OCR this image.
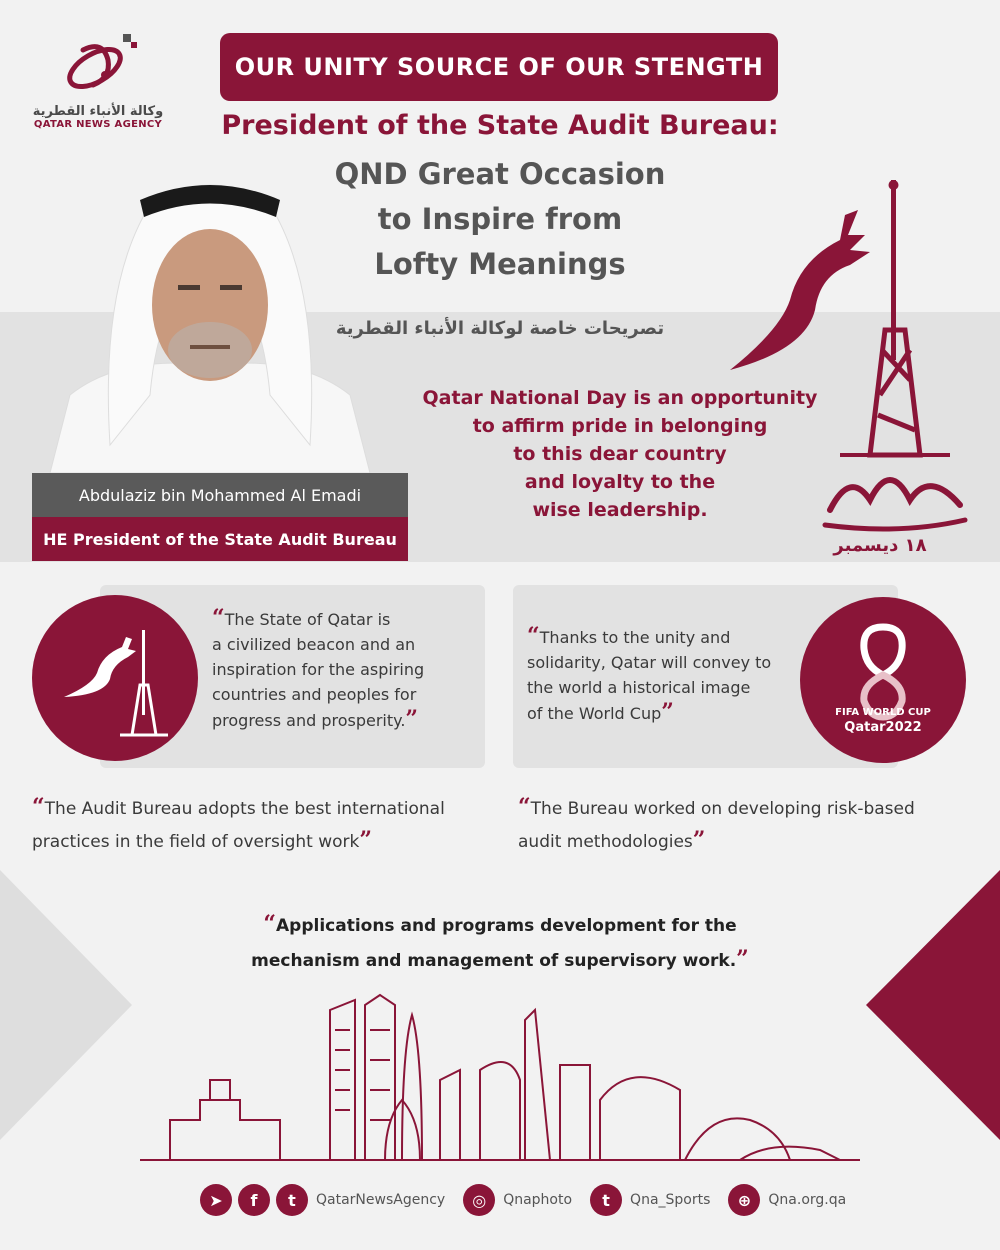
وكالة الأنباء القطرية
QATAR NEWS AGENCY
OUR UNITY SOURCE OF OUR STENGTH
President of the State Audit Bureau:
QND Great Occasion
to Inspire from
Lofty Meanings
تصريحات خاصة لوكالة الأنباء القطرية
Abdulaziz bin Mohammed Al Emadi
HE President of the State Audit Bureau
Qatar National Day is an opportunity
to affirm pride in belonging
to this dear country
and loyalty to the
wise leadership.
١٨ ديسمبر
FIFA WORLD CUP
Qatar2022
“The State of Qatar is
a civilized beacon and an
inspiration for the aspiring
countries and peoples for
progress and prosperity.”
“Thanks to the unity and
solidarity, Qatar will convey to
the world a historical image
of the World Cup”
“The Audit Bureau adopts the best international
practices in the field of oversight work”
“The Bureau worked on developing risk-based
audit methodologies”
“Applications and programs development for the
mechanism and management of supervisory work.”
➤	f	t	QatarNewsAgency	◎	Qnaphoto	t	Qna_Sports	⊕	Qna.org.qa
